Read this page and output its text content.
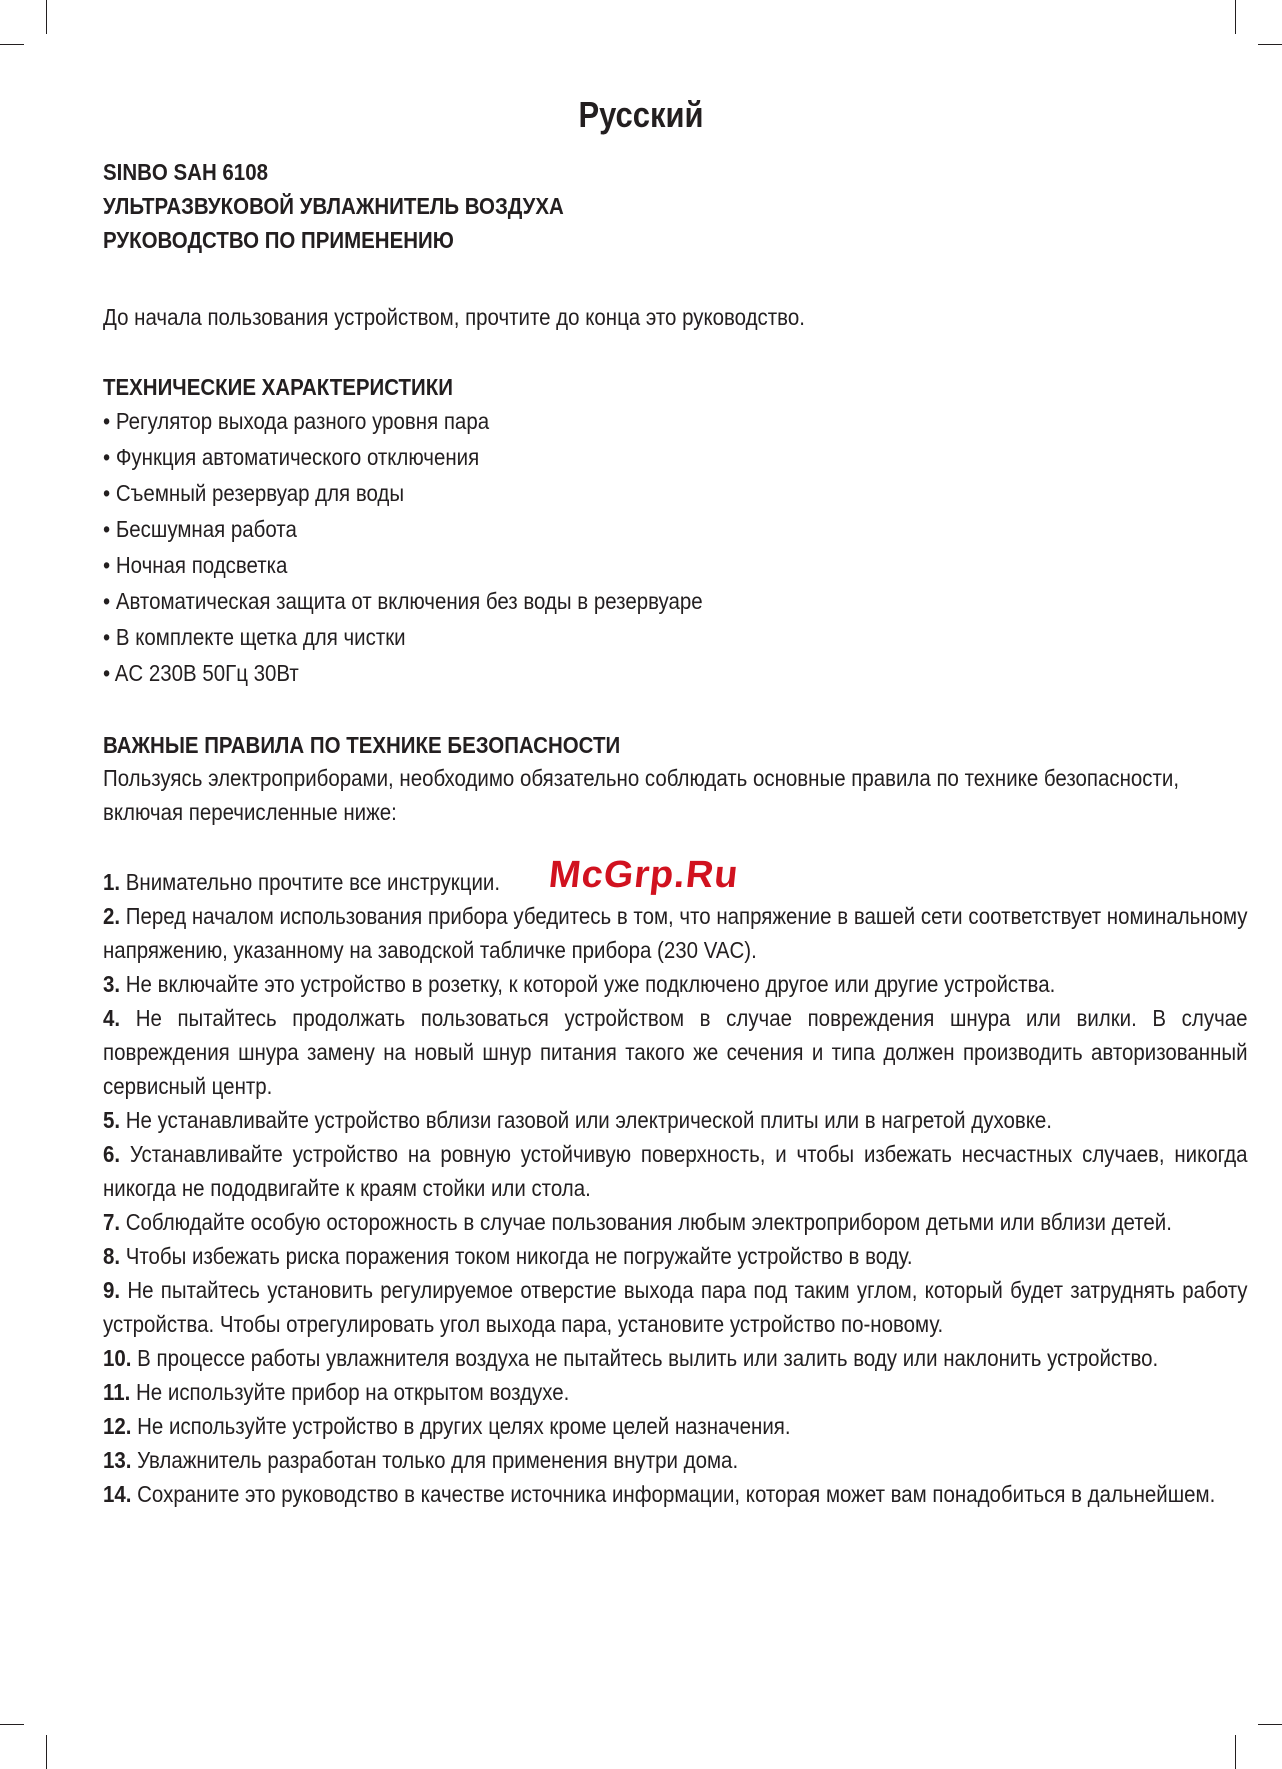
Русский

SINBO SAH 6108

УЛЬТРАЗВУКОВОЙ УВЛАЖНИТЕЛЬ ВОЗДУХА

РУКОВОДСТВО ПО ПРИМЕНЕНИЮ

До начала пользования устройством, прочтите до конца это руководство.

ТЕХНИЧЕСКИЕ ХАРАКТЕРИСТИКИ

• Регулятор выхода разного уровня пара
• Функция автоматического отключения
• Съемный резервуар для воды
• Бесшумная работа
• Ночная подсветка
• Автоматическая защита от включения без воды в резервуаре
• В комплекте щетка для чистки
• AC 230В 50Гц 30Вт

ВАЖНЫЕ ПРАВИЛА ПО ТЕХНИКЕ БЕЗОПАСНОСТИ

Пользуясь электроприборами, необходимо обязательно соблюдать основные правила по технике безопасности, включая перечисленные ниже:

1. Внимательно прочтите все инструкции.
2. Перед началом использования прибора убедитесь в том, что напряжение в вашей сети соответствует номинальному напряжению, указанному на заводской табличке прибора (230 VAC).
3. Не включайте это устройство в розетку, к которой уже подключено другое или другие устройства.
4. Не пытайтесь продолжать пользоваться устройством в случае повреждения шнура или вилки. В случае повреждения шнура замену на новый шнур питания такого же сечения и типа должен производить авторизованный сервисный центр.
5. Не устанавливайте устройство вблизи газовой или электрической плиты или в нагретой духовке.
6. Устанавливайте устройство на ровную устойчивую поверхность, и чтобы избежать несчастных случаев, никогда никогда не пододвигайте к краям стойки или стола.
7. Соблюдайте особую осторожность в случае пользования любым электроприбором детьми или вблизи детей.
8. Чтобы избежать риска поражения током никогда не погружайте устройство в воду.
9. Не пытайтесь установить регулируемое отверстие выхода пара под таким углом, который будет затруднять работу устройства. Чтобы отрегулировать угол выхода пара, установите устройство по-новому.
10. В процессе работы увлажнителя воздуха не пытайтесь вылить или залить воду или наклонить устройство.
11. Не используйте прибор на открытом воздухе.
12. Не используйте устройство в других целях кроме целей назначения.
13. Увлажнитель разработан только для применения внутри дома.
14. Сохраните это руководство в качестве источника информации, которая может вам понадобиться в дальнейшем.
McGrp.Ru
